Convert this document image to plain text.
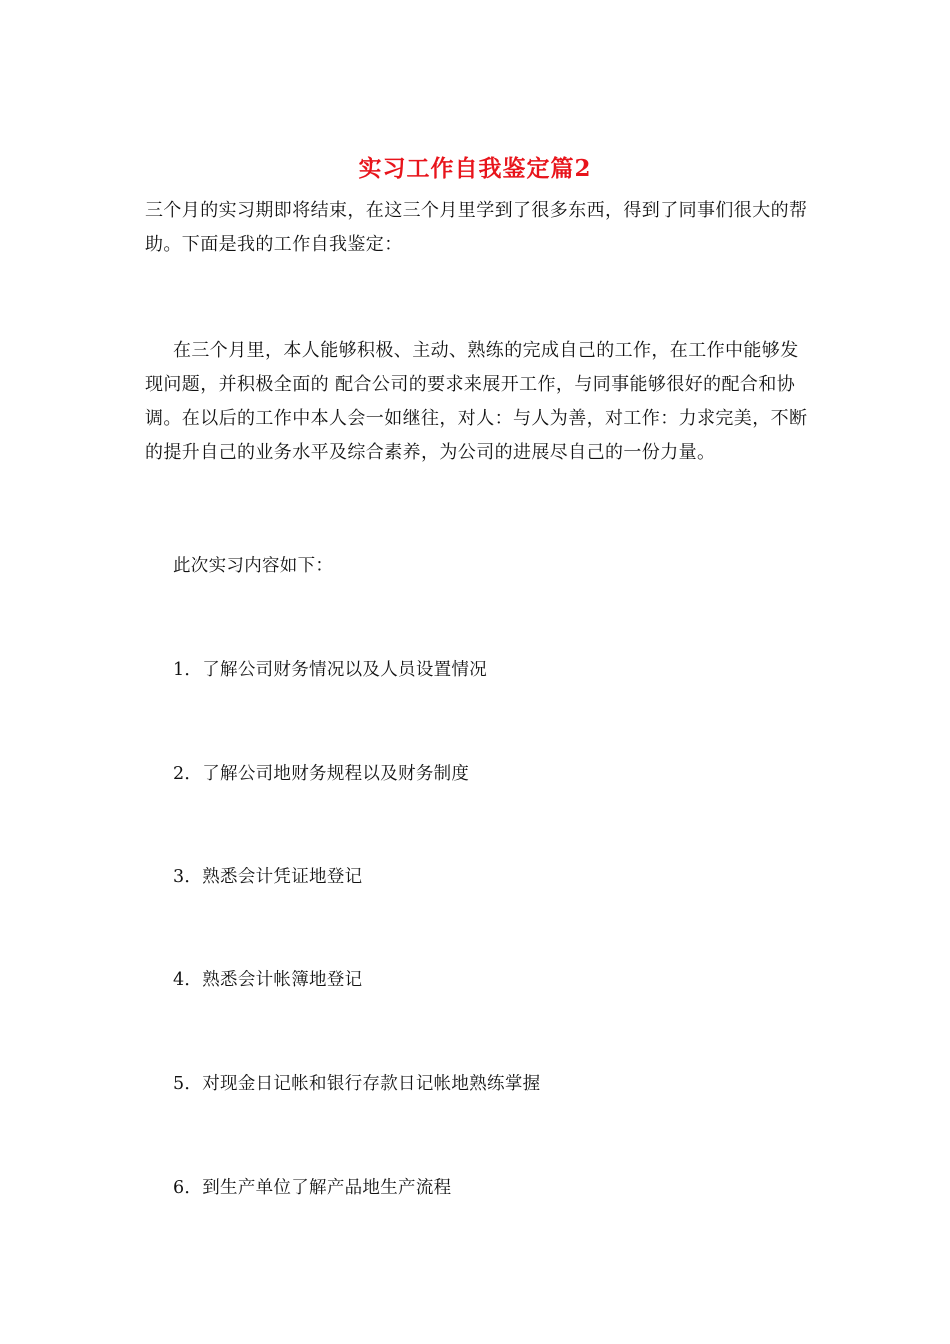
实习工作自我鉴定篇2

三个月的实习期即将结束，在这三个月里学到了很多东西，得到了同事们很大的帮助。下面是我的工作自我鉴定：

在三个月里，本人能够积极、主动、熟练的完成自己的工作，在工作中能够发现问题，并积极全面的 配合公司的要求来展开工作，与同事能够很好的配合和协调。在以后的工作中本人会一如继往，对人：与人为善，对工作：力求完美，不断的提升自己的业务水平及综合素养，为公司的进展尽自己的一份力量。

此次实习内容如下：
1．了解公司财务情况以及人员设置情况
2．了解公司地财务规程以及财务制度
3．熟悉会计凭证地登记
4．熟悉会计帐簿地登记
5．对现金日记帐和银行存款日记帐地熟练掌握
6．到生产单位了解产品地生产流程
